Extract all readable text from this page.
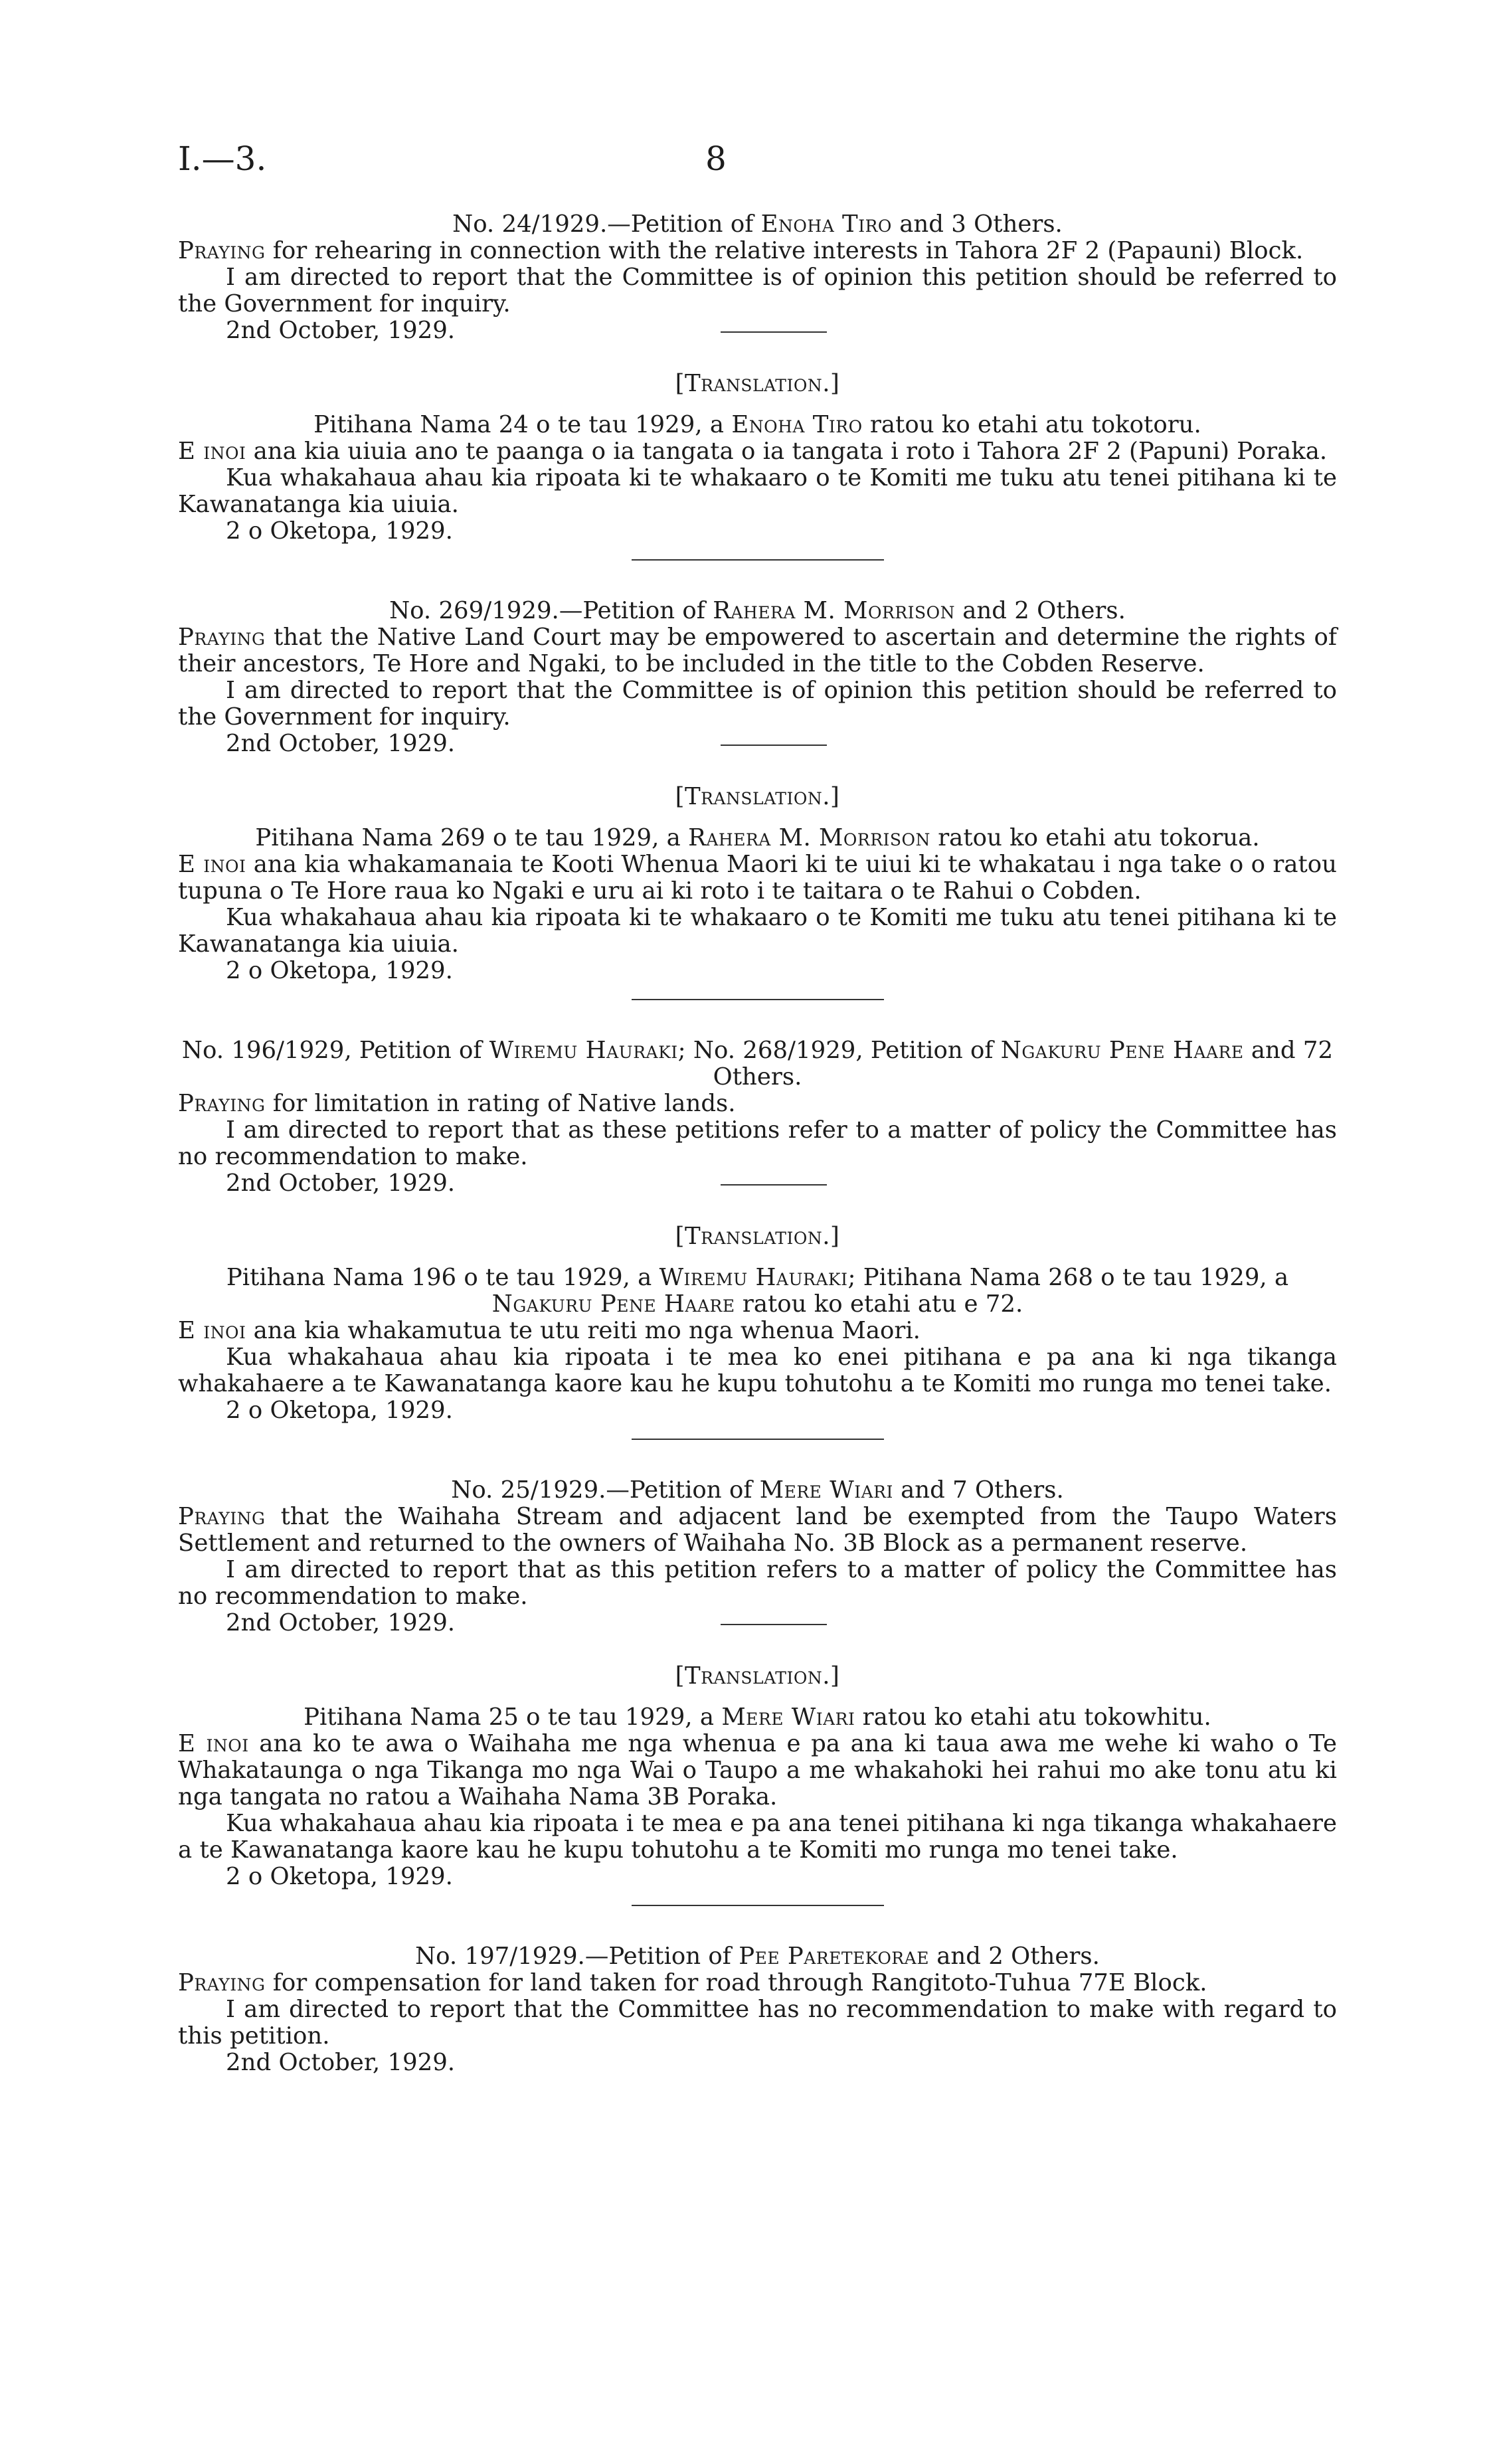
I.—3.	8

No. 24/1929.—Petition of Enoha Tiro and 3 Others.

Praying for rehearing in connection with the relative interests in Tahora 2F 2 (Papauni) Block.

I am directed to report that the Committee is of opinion this petition should be referred to the Government for inquiry.

2nd October, 1929.

[Translation.]

Pitihana Nama 24 o te tau 1929, a Enoha Tiro ratou ko etahi atu tokotoru.

E inoi ana kia uiuia ano te paanga o ia tangata o ia tangata i roto i Tahora 2F 2 (Papuni) Poraka.

Kua whakahaua ahau kia ripoata ki te whakaaro o te Komiti me tuku atu tenei pitihana ki te Kawanatanga kia uiuia.

2 o Oketopa, 1929.

No. 269/1929.—Petition of Rahera M. Morrison and 2 Others.

Praying that the Native Land Court may be empowered to ascertain and determine the rights of their ancestors, Te Hore and Ngaki, to be included in the title to the Cobden Reserve.

I am directed to report that the Committee is of opinion this petition should be referred to the Government for inquiry.

2nd October, 1929.

[Translation.]

Pitihana Nama 269 o te tau 1929, a Rahera M. Morrison ratou ko etahi atu tokorua.

E inoi ana kia whakamanaia te Kooti Whenua Maori ki te uiui ki te whakatau i nga take o o ratou tupuna o Te Hore raua ko Ngaki e uru ai ki roto i te taitara o te Rahui o Cobden.

Kua whakahaua ahau kia ripoata ki te whakaaro o te Komiti me tuku atu tenei pitihana ki te Kawanatanga kia uiuia.

2 o Oketopa, 1929.

No. 196/1929, Petition of Wiremu Hauraki; No. 268/1929, Petition of Ngakuru Pene Haare and 72 Others.

Praying for limitation in rating of Native lands.

I am directed to report that as these petitions refer to a matter of policy the Committee has no recommendation to make.

2nd October, 1929.

[Translation.]

Pitihana Nama 196 o te tau 1929, a Wiremu Hauraki; Pitihana Nama 268 o te tau 1929, a Ngakuru Pene Haare ratou ko etahi atu e 72.

E inoi ana kia whakamutua te utu reiti mo nga whenua Maori.

Kua whakahaua ahau kia ripoata i te mea ko enei pitihana e pa ana ki nga tikanga whakahaere a te Kawanatanga kaore kau he kupu tohutohu a te Komiti mo runga mo tenei take.

2 o Oketopa, 1929.

No. 25/1929.—Petition of Mere Wiari and 7 Others.

Praying that the Waihaha Stream and adjacent land be exempted from the Taupo Waters Settlement and returned to the owners of Waihaha No. 3B Block as a permanent reserve.

I am directed to report that as this petition refers to a matter of policy the Committee has no recommendation to make.

2nd October, 1929.

[Translation.]

Pitihana Nama 25 o te tau 1929, a Mere Wiari ratou ko etahi atu tokowhitu.

E inoi ana ko te awa o Waihaha me nga whenua e pa ana ki taua awa me wehe ki waho o Te Whakataunga o nga Tikanga mo nga Wai o Taupo a me whakahoki hei rahui mo ake tonu atu ki nga tangata no ratou a Waihaha Nama 3B Poraka.

Kua whakahaua ahau kia ripoata i te mea e pa ana tenei pitihana ki nga tikanga whakahaere a te Kawanatanga kaore kau he kupu tohutohu a te Komiti mo runga mo tenei take.

2 o Oketopa, 1929.

No. 197/1929.—Petition of Pee Paretekorae and 2 Others.

Praying for compensation for land taken for road through Rangitoto-Tuhua 77E Block.

I am directed to report that the Committee has no recommendation to make with regard to this petition.

2nd October, 1929.
